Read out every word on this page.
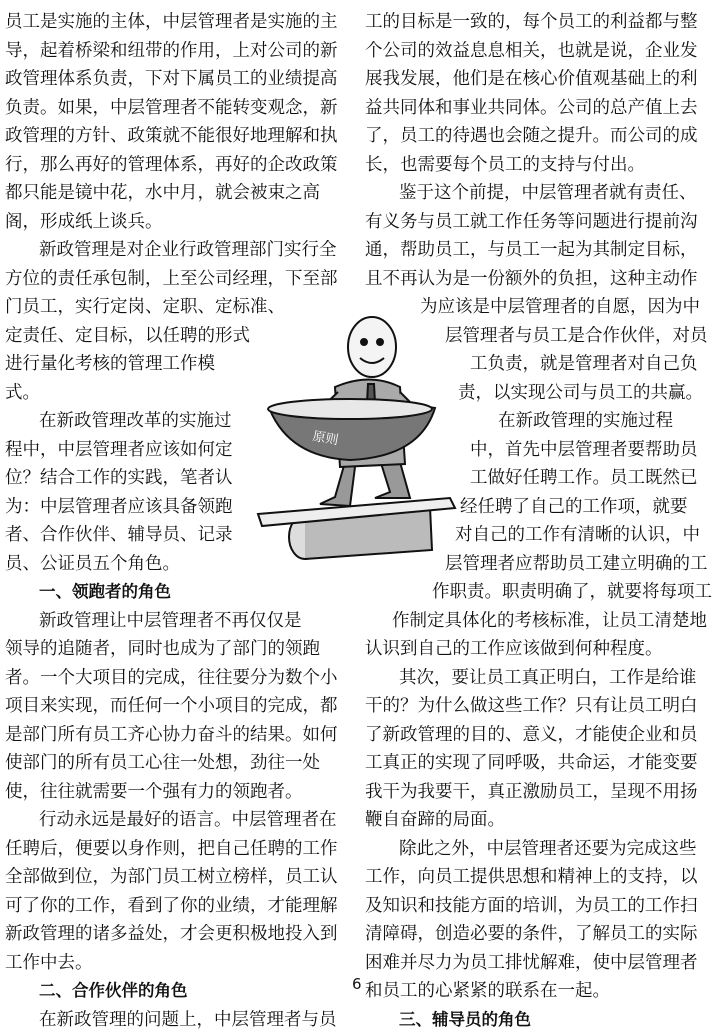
员工是实施的主体，中层管理者是实施的主
导，起着桥梁和纽带的作用，上对公司的新
政管理体系负责，下对下属员工的业绩提高
负责。如果，中层管理者不能转变观念，新
政管理的方针、政策就不能很好地理解和执
行，那么再好的管理体系，再好的企改政策
都只能是镜中花，水中月，就会被束之高
阁，形成纸上谈兵。
新政管理是对企业行政管理部门实行全
方位的责任承包制，上至公司经理，下至部
门员工，实行定岗、定职、定标准、
定责任、定目标，以任聘的形式
进行量化考核的管理工作模
式。
在新政管理改革的实施过
程中，中层管理者应该如何定
位？结合工作的实践，笔者认
为：中层管理者应该具备领跑
者、合作伙伴、辅导员、记录
员、公证员五个角色。
一、领跑者的角色
新政管理让中层管理者不再仅仅是
领导的追随者，同时也成为了部门的领跑
者。一个大项目的完成，往往要分为数个小
项目来实现，而任何一个小项目的完成，都
是部门所有员工齐心协力奋斗的结果。如何
使部门的所有员工心往一处想，劲往一处
使，往往就需要一个强有力的领跑者。
行动永远是最好的语言。中层管理者在
任聘后，便要以身作则，把自己任聘的工作
全部做到位，为部门员工树立榜样，员工认
可了你的工作，看到了你的业绩，才能理解
新政管理的诸多益处，才会更积极地投入到
工作中去。
二、合作伙伴的角色
在新政管理的问题上，中层管理者与员
工的目标是一致的，每个员工的利益都与整
个公司的效益息息相关，也就是说，企业发
展我发展，他们是在核心价值观基础上的利
益共同体和事业共同体。公司的总产值上去
了，员工的待遇也会随之提升。而公司的成
长，也需要每个员工的支持与付出。
鉴于这个前提，中层管理者就有责任、
有义务与员工就工作任务等问题进行提前沟
通，帮助员工，与员工一起为其制定目标，
且不再认为是一份额外的负担，这种主动作
为应该是中层管理者的自愿，因为中
层管理者与员工是合作伙伴，对员
工负责，就是管理者对自己负
责，以实现公司与员工的共赢。
在新政管理的实施过程
中，首先中层管理者要帮助员
工做好任聘工作。员工既然已
经任聘了自己的工作项，就要
对自己的工作有清晰的认识，中
层管理者应帮助员工建立明确的工
作职责。职责明确了，就要将每项工
作制定具体化的考核标准，让员工清楚地
认识到自己的工作应该做到何种程度。
其次，要让员工真正明白，工作是给谁
干的？为什么做这些工作？只有让员工明白
了新政管理的目的、意义，才能使企业和员
工真正的实现了同呼吸，共命运，才能变要
我干为我要干，真正激励员工，呈现不用扬
鞭自奋蹄的局面。
除此之外，中层管理者还要为完成这些
工作，向员工提供思想和精神上的支持，以
及知识和技能方面的培训，为员工的工作扫
清障碍，创造必要的条件，了解员工的实际
困难并尽力为员工排忧解难，使中层管理者
和员工的心紧紧的联系在一起。
三、辅导员的角色
原则
6
